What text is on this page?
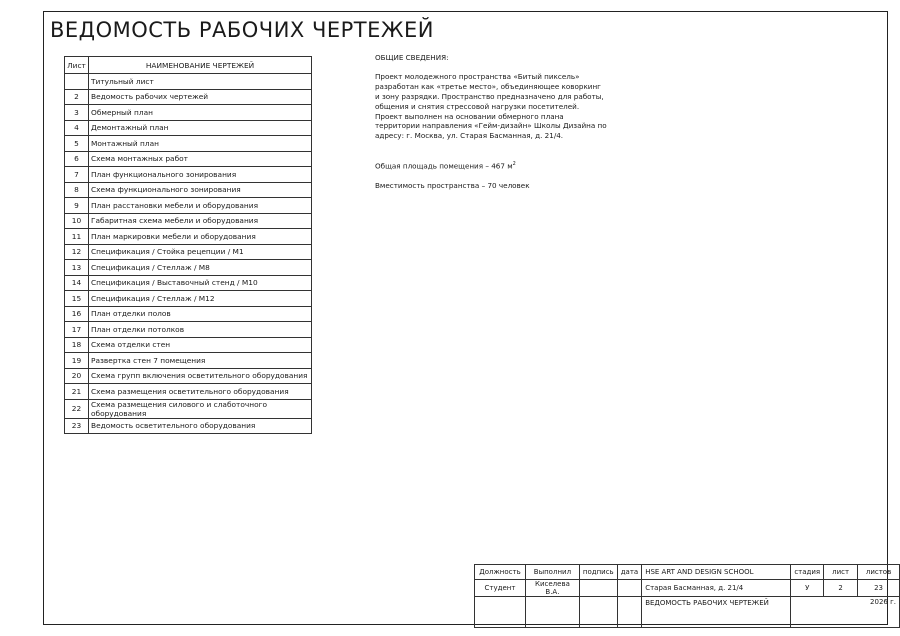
ВЕДОМОСТЬ РАБОЧИХ ЧЕРТЕЖЕЙ
Лист	НАИМЕНОВАНИЕ ЧЕРТЕЖЕЙ
	Титульный лист
2	Ведомость рабочих чертежей
3	Обмерный план
4	Демонтажный план
5	Монтажный план
6	Схема монтажных работ
7	План функционального зонирования
8	Схема функционального зонирования
9	План расстановки мебели и оборудования
10	Габаритная схема мебели и оборудования
11	План маркировки мебели и оборудования
12	Спецификация / Стойка рецепции / М1
13	Спецификация / Стеллаж / М8
14	Спецификация / Выставочный стенд / М10
15	Спецификация / Стеллаж / М12
16	План отделки полов
17	План отделки потолков
18	Схема отделки стен
19	Развертка стен 7 помещения
20	Схема групп включения осветительного оборудования
21	Схема размещения осветительного оборудования
22	Схема размещения силового и слаботочного оборудования
23	Ведомость осветительного оборудования

ОБЩИЕ СВЕДЕНИЯ:

Проект молодежного пространства «Битый пиксель»

разработан как «третье место», объединяющее коворкинг

и зону разрядки. Пространство предназначено для работы,

общения и снятия стрессовой нагрузки посетителей.

Проект выполнен на основании обмерного плана

территории направления «Гейм-дизайн» Школы Дизайна по

адресу: г. Москва, ул. Старая Басманная, д. 21/4.

Общая площадь помещения – 467 $м^2$

Вместимость пространства – 70 человек

Должность	Выполнил	подпись	дата	HSE ART AND DESIGN SCHOOL	стадия	лист	листов
Студент	Киселева В.А.			Старая Басманная, д. 21/4	У	2	23
				ВЕДОМОСТЬ РАБОЧИХ ЧЕРТЕЖЕЙ	2026 г.		
